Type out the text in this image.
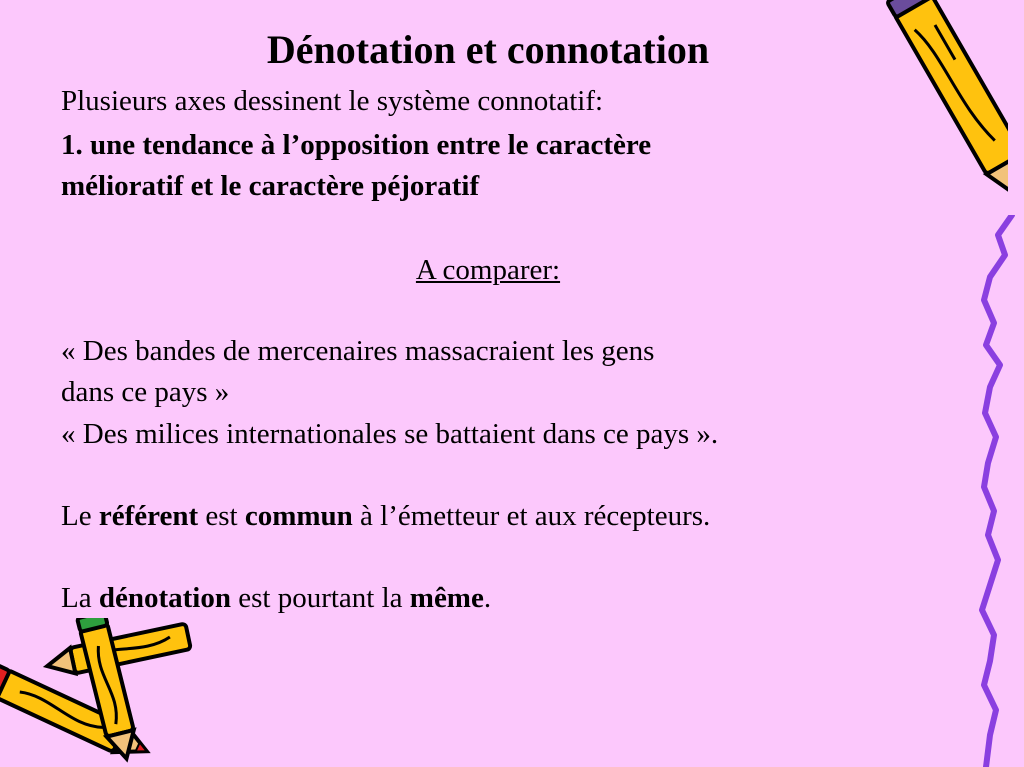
Dénotation et connotation
Plusieurs axes dessinent le système connotatif:
1. une tendance à l’opposition entre le caractère
mélioratif et le caractère péjoratif
A comparer:
« Des bandes de mercenaires massacraient les gens
dans ce pays »
« Des milices internationales se battaient dans ce pays ».
Le référent est commun à l’émetteur et aux récepteurs.
La dénotation est pourtant la même.
